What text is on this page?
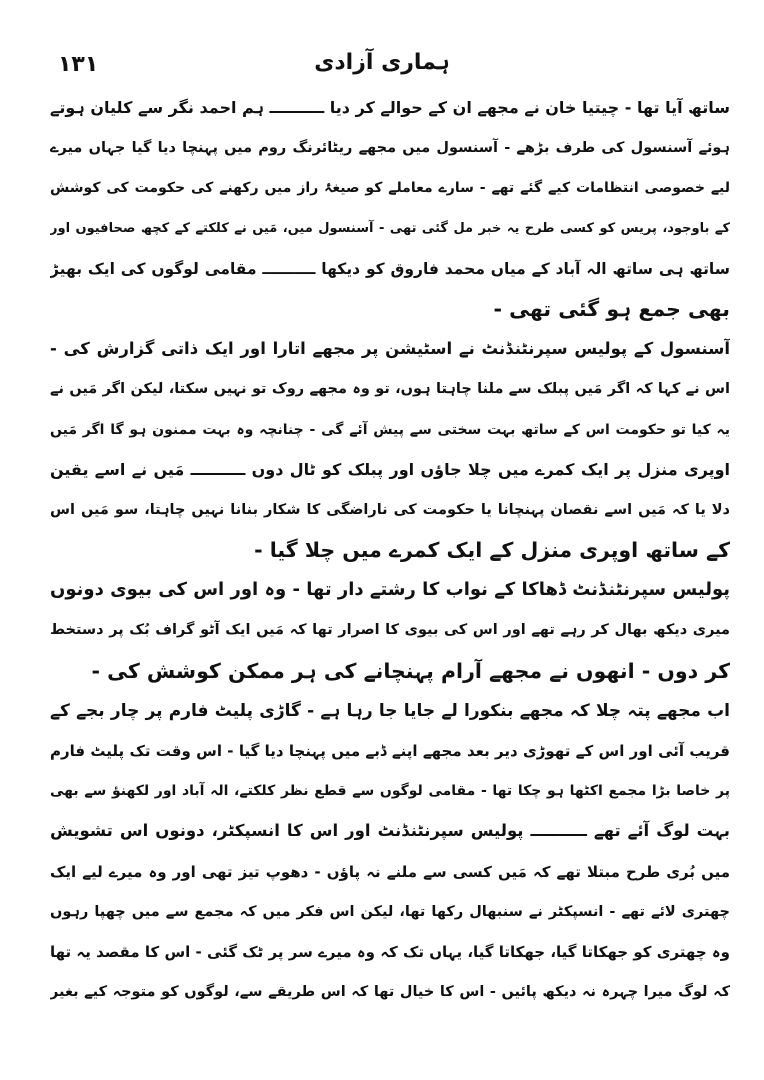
۱۳۱	ہماری آزادی
ساتھ آیا تھا - چیتیا خان نے مجھے ان کے حوالے کر دیا ــــــــــ ہم احمد نگر سے کلیان ہوتے
ہوئے آسنسول کی طرف بڑھے - آسنسول میں مجھے ریٹائرنگ روم میں پہنچا دیا گیا جہاں میرے
لیے خصوصی انتظامات کیے گئے تھے - سارے معاملے کو صیغۂ راز میں رکھنے کی حکومت کی کوشش
کے باوجود، پریس کو کسی طرح یہ خبر مل گئی تھی - آسنسول میں، مَیں نے کلکتے کے کچھ صحافیوں اور
ساتھ ہی ساتھ الہ آباد کے میاں محمد فاروق کو دیکھا ــــــــــ مقامی لوگوں کی ایک بھیڑ
بھی جمع ہو گئی تھی -
آسنسول کے پولیس سپرنٹنڈنٹ نے اسٹیشن پر مجھے اتارا اور ایک ذاتی گزارش کی -
اس نے کہا کہ اگر مَیں پبلک سے ملنا چاہتا ہوں، تو وہ مجھے روک تو نہیں سکتا، لیکن اگر مَیں نے
یہ کیا تو حکومت اس کے ساتھ بہت سختی سے پیش آئے گی - چنانچہ وہ بہت ممنون ہو گا اگر مَیں
اوپری منزل پر ایک کمرے میں چلا جاؤں اور پبلک کو ٹال دوں ــــــــــ مَیں نے اسے یقین
دلا یا کہ مَیں اسے نقصان پہنچانا یا حکومت کی ناراضگی کا شکار بنانا نہیں چاہتا، سو مَیں اس
کے ساتھ اوپری منزل کے ایک کمرے میں چلا گیا -
پولیس سپرنٹنڈنٹ ڈھاکا کے نواب کا رشتے دار تھا - وہ اور اس کی بیوی دونوں
میری دیکھ بھال کر رہے تھے اور اس کی بیوی کا اصرار تھا کہ مَیں ایک آٹو گراف بُک پر دستخط
کر دوں - انھوں نے مجھے آرام پہنچانے کی ہر ممکن کوشش کی -
اب مجھے پتہ چلا کہ مجھے بنکورا لے جایا جا رہا ہے - گاڑی پلیٹ فارم پر چار بجے کے
قریب آئی اور اس کے تھوڑی دیر بعد مجھے اپنے ڈبے میں پہنچا دیا گیا - اس وقت تک پلیٹ فارم
پر خاصا بڑا مجمع اکٹھا ہو چکا تھا - مقامی لوگوں سے قطع نظر کلکتے، الہ آباد اور لکھنؤ سے بھی
بہت لوگ آئے تھے ــــــــــ پولیس سپرنٹنڈنٹ اور اس کا انسپکٹر، دونوں اس تشویش
میں بُری طرح مبتلا تھے کہ مَیں کسی سے ملنے نہ پاؤں - دھوپ تیز تھی اور وہ میرے لیے ایک
چھتری لائے تھے - انسپکٹر نے سنبھال رکھا تھا، لیکن اس فکر میں کہ مجمع سے میں چھپا رہوں
وہ چھتری کو جھکاتا گیا، جھکاتا گیا، یہاں تک کہ وہ میرے سر پر ٹک گئی - اس کا مقصد یہ تھا
کہ لوگ میرا چہرہ نہ دیکھ پائیں - اس کا خیال تھا کہ اس طریقے سے، لوگوں کو متوجہ کیے بغیر
